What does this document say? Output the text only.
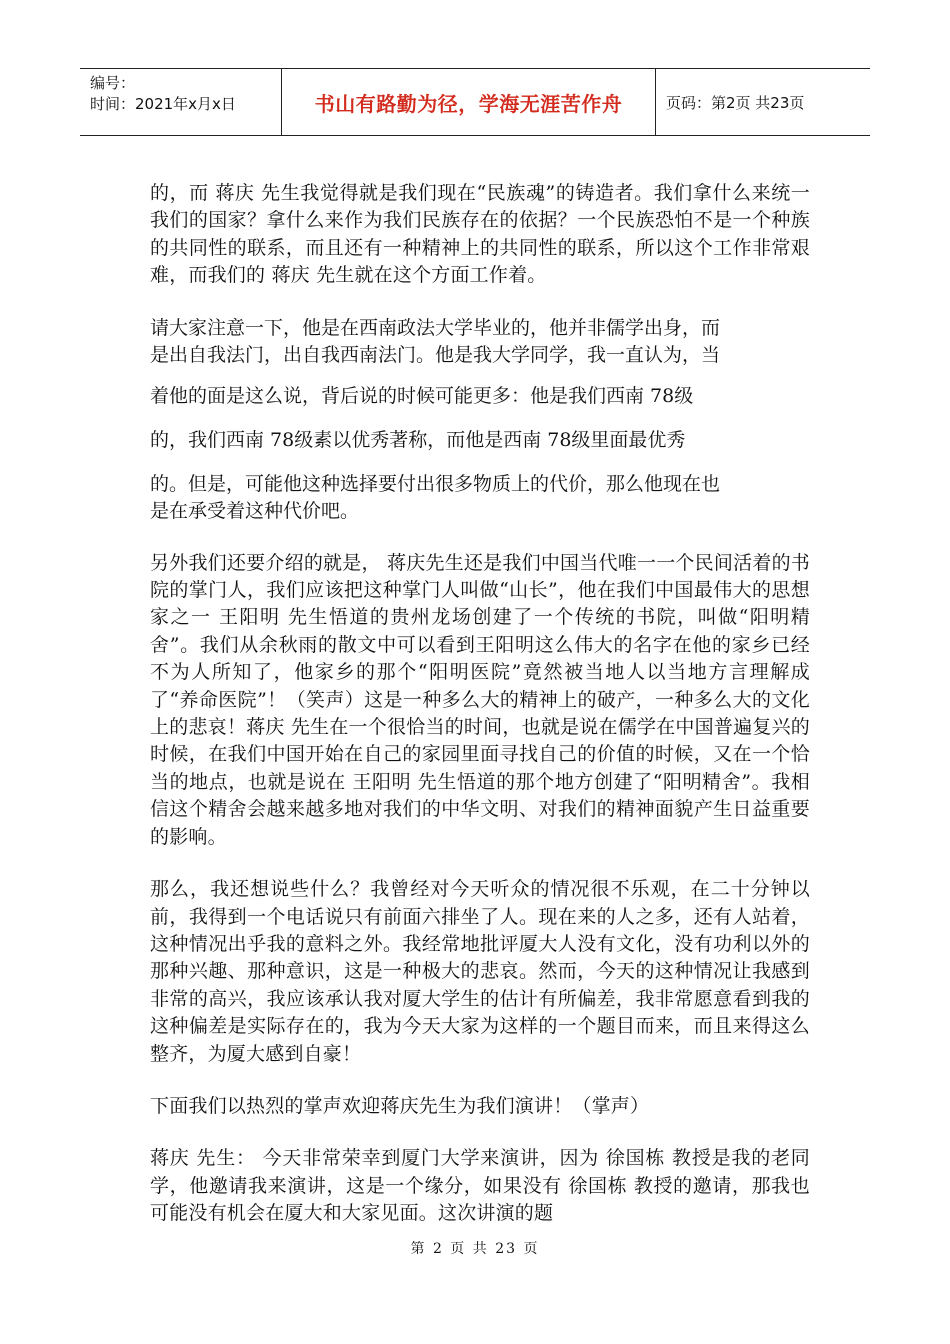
编号：
时间：2021年x月x日	书山有路勤为径，学海无涯苦作舟	页码：第2页 共23页

的，而 蒋庆 先生我觉得就是我们现在“民族魂”的铸造者。我们拿什么来统一我们的国家？拿什么来作为我们民族存在的依据？一个民族恐怕不是一个种族的共同性的联系，而且还有一种精神上的共同性的联系，所以这个工作非常艰难，而我们的 蒋庆 先生就在这个方面工作着。

请大家注意一下，他是在西南政法大学毕业的，他并非儒学出身，而

是出自我法门，出自我西南法门。他是我大学同学，我一直认为，当

着他的面是这么说，背后说的时候可能更多：他是我们西南 78级

的，我们西南 78级素以优秀著称，而他是西南 78级里面最优秀

的。但是，可能他这种选择要付出很多物质上的代价，那么他现在也

是在承受着这种代价吧。

另外我们还要介绍的就是， 蒋庆先生还是我们中国当代唯一一个民间活着的书院的掌门人，我们应该把这种掌门人叫做“山长”，他在我们中国最伟大的思想家之一 王阳明 先生悟道的贵州龙场创建了一个传统的书院，叫做“阳明精舍”。我们从余秋雨的散文中可以看到王阳明这么伟大的名字在他的家乡已经不为人所知了，他家乡的那个“阳明医院”竟然被当地人以当地方言理解成了“养命医院”！（笑声）这是一种多么大的精神上的破产，一种多么大的文化上的悲哀！蒋庆 先生在一个很恰当的时间，也就是说在儒学在中国普遍复兴的时候，在我们中国开始在自己的家园里面寻找自己的价值的时候，又在一个恰当的地点，也就是说在 王阳明 先生悟道的那个地方创建了“阳明精舍”。我相信这个精舍会越来越多地对我们的中华文明、对我们的精神面貌产生日益重要的影响。

那么，我还想说些什么？我曾经对今天听众的情况很不乐观，在二十分钟以前，我得到一个电话说只有前面六排坐了人。现在来的人之多，还有人站着，这种情况出乎我的意料之外。我经常地批评厦大人没有文化，没有功利以外的那种兴趣、那种意识，这是一种极大的悲哀。然而，今天的这种情况让我感到非常的高兴，我应该承认我对厦大学生的估计有所偏差，我非常愿意看到我的这种偏差是实际存在的，我为今天大家为这样的一个题目而来，而且来得这么整齐，为厦大感到自豪！

下面我们以热烈的掌声欢迎蒋庆先生为我们演讲！（掌声）

蒋庆 先生： 今天非常荣幸到厦门大学来演讲，因为 徐国栋 教授是我的老同学，他邀请我来演讲，这是一个缘分，如果没有 徐国栋 教授的邀请，那我也可能没有机会在厦大和大家见面。这次讲演的题

第 2 页 共 23 页
